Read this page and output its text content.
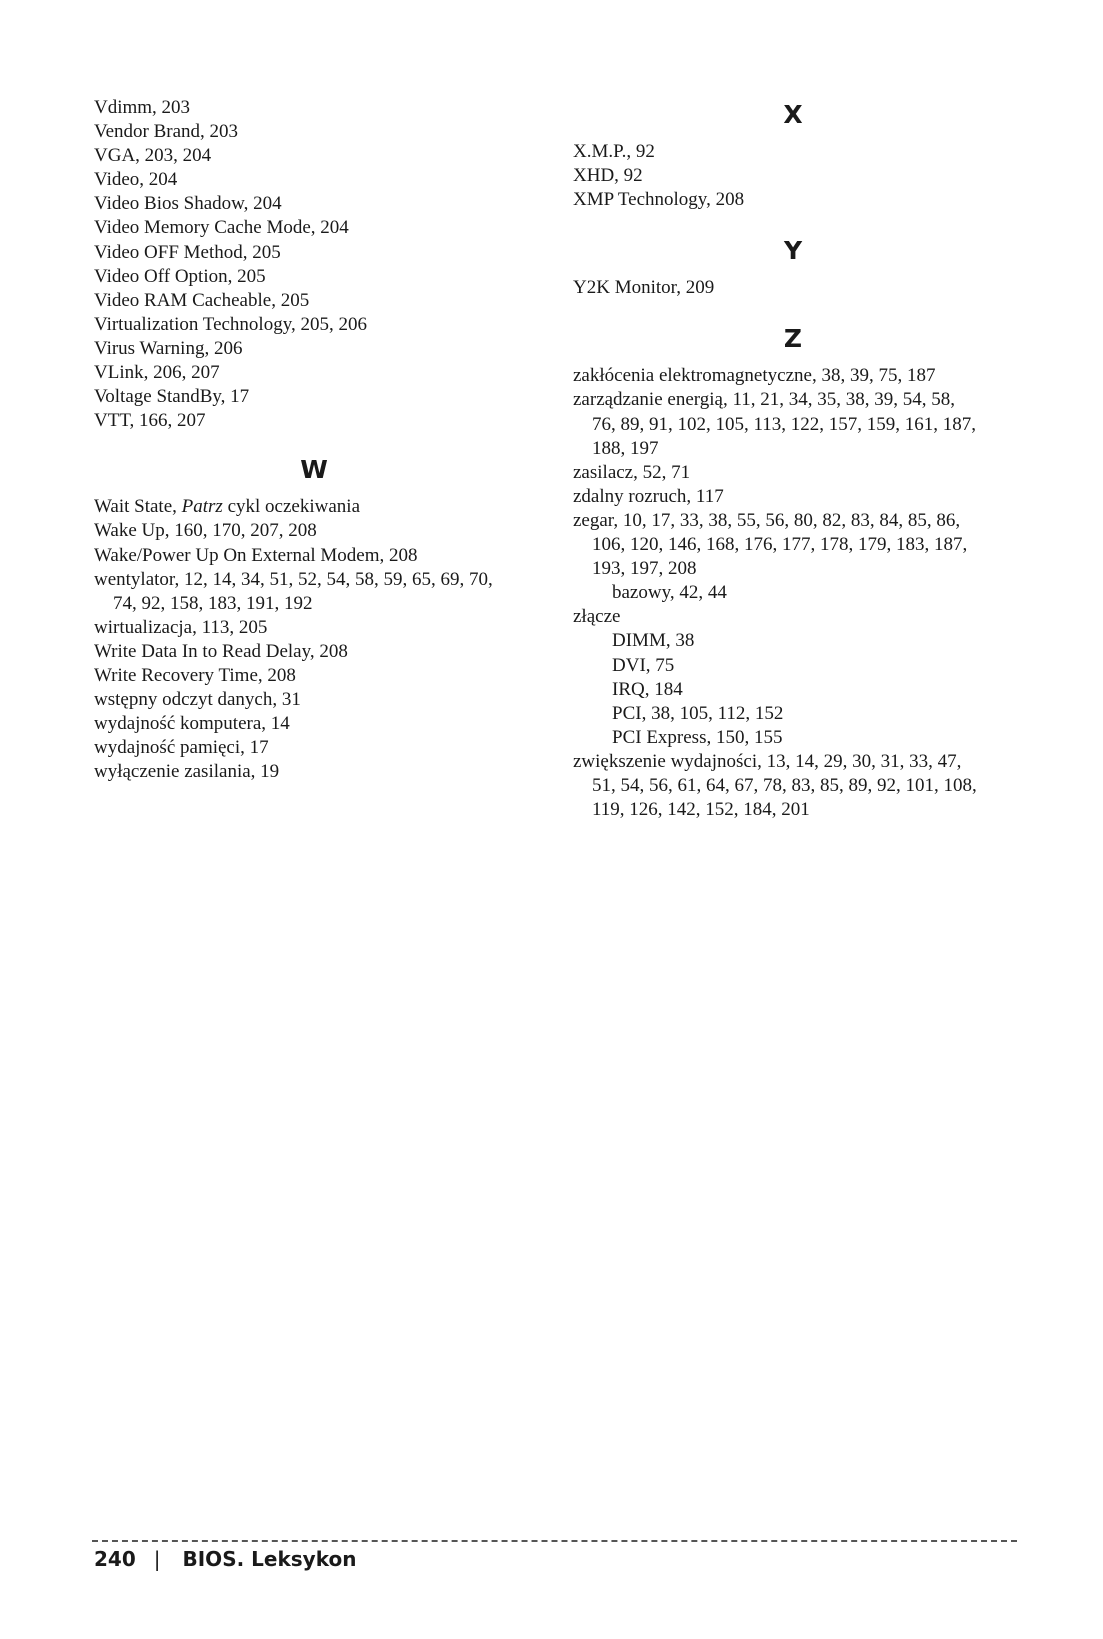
Vdimm, 203
Vendor Brand, 203
VGA, 203, 204
Video, 204
Video Bios Shadow, 204
Video Memory Cache Mode, 204
Video OFF Method, 205
Video Off Option, 205
Video RAM Cacheable, 205
Virtualization Technology, 205, 206
Virus Warning, 206
VLink, 206, 207
Voltage StandBy, 17
VTT, 166, 207
W
Wait State, Patrz cykl oczekiwania
Wake Up, 160, 170, 207, 208
Wake/Power Up On External Modem, 208
wentylator, 12, 14, 34, 51, 52, 54, 58, 59, 65, 69, 70,
74, 92, 158, 183, 191, 192
wirtualizacja, 113, 205
Write Data In to Read Delay, 208
Write Recovery Time, 208
wstępny odczyt danych, 31
wydajność komputera, 14
wydajność pamięci, 17
wyłączenie zasilania, 19
X
X.M.P., 92
XHD, 92
XMP Technology, 208
Y
Y2K Monitor, 209
Z
zakłócenia elektromagnetyczne, 38, 39, 75, 187
zarządzanie energią, 11, 21, 34, 35, 38, 39, 54, 58,
76, 89, 91, 102, 105, 113, 122, 157, 159, 161, 187,
188, 197
zasilacz, 52, 71
zdalny rozruch, 117
zegar, 10, 17, 33, 38, 55, 56, 80, 82, 83, 84, 85, 86,
106, 120, 146, 168, 176, 177, 178, 179, 183, 187,
193, 197, 208
bazowy, 42, 44
złącze
DIMM, 38
DVI, 75
IRQ, 184
PCI, 38, 105, 112, 152
PCI Express, 150, 155
zwiększenie wydajności, 13, 14, 29, 30, 31, 33, 47,
51, 54, 56, 61, 64, 67, 78, 83, 85, 89, 92, 101, 108,
119, 126, 142, 152, 184, 201
240 | BIOS. Leksykon
